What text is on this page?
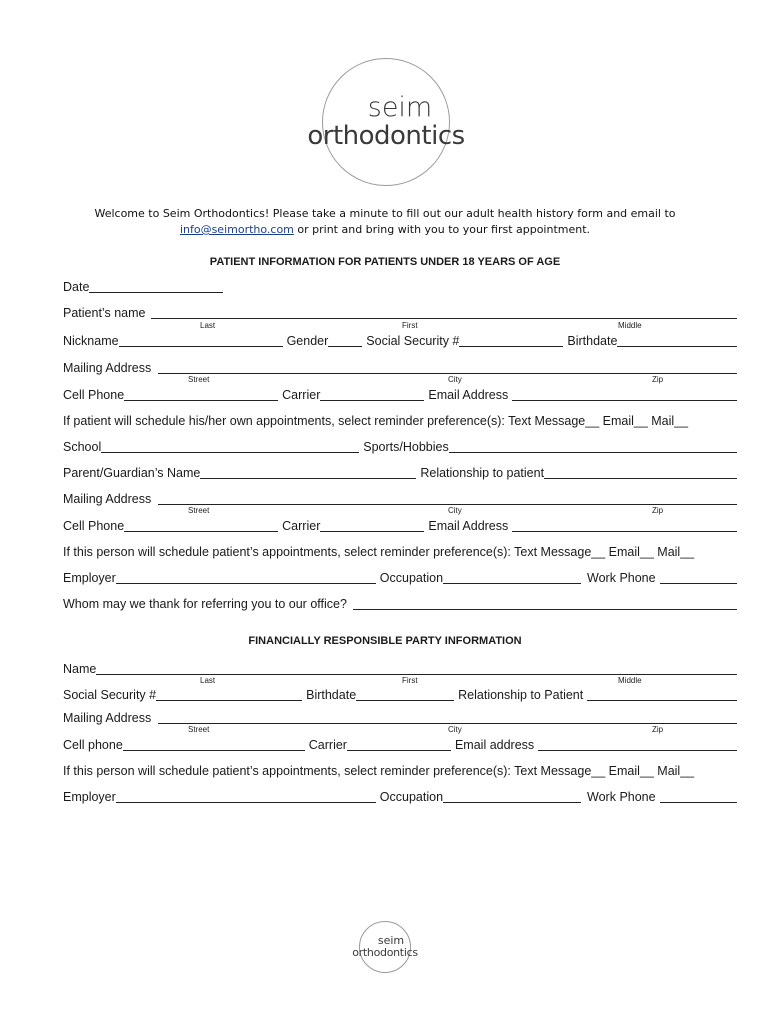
seim
orthodontics
Welcome to Seim Orthodontics! Please take a minute to fill out our adult health history form and email to
info@seimortho.com or print and bring with you to your first appointment.
PATIENT INFORMATION FOR PATIENTS UNDER 18 YEARS OF AGE
Date
Patient’s name
Last	First	Middle
Nickname	Gender	Social Security #	Birthdate
Mailing Address
Street	City	Zip
Cell Phone	Carrier	Email Address
If patient will schedule his/her own appointments, select reminder preference(s): Text Message__ Email__ Mail__
School	Sports/Hobbies
Parent/Guardian’s Name	Relationship to patient
Mailing Address
Street	City	Zip
Cell Phone	Carrier	Email Address
If this person will schedule patient’s appointments, select reminder preference(s): Text Message__ Email__ Mail__
Employer	Occupation	Work Phone
Whom may we thank for referring you to our office?
FINANCIALLY RESPONSIBLE PARTY INFORMATION
Name
Last	First	Middle
Social Security #	Birthdate	Relationship to Patient
Mailing Address
Street	City	Zip
Cell phone	Carrier	Email address
If this person will schedule patient’s appointments, select reminder preference(s): Text Message__ Email__ Mail__
Employer	Occupation	Work Phone
seim
orthodontics
